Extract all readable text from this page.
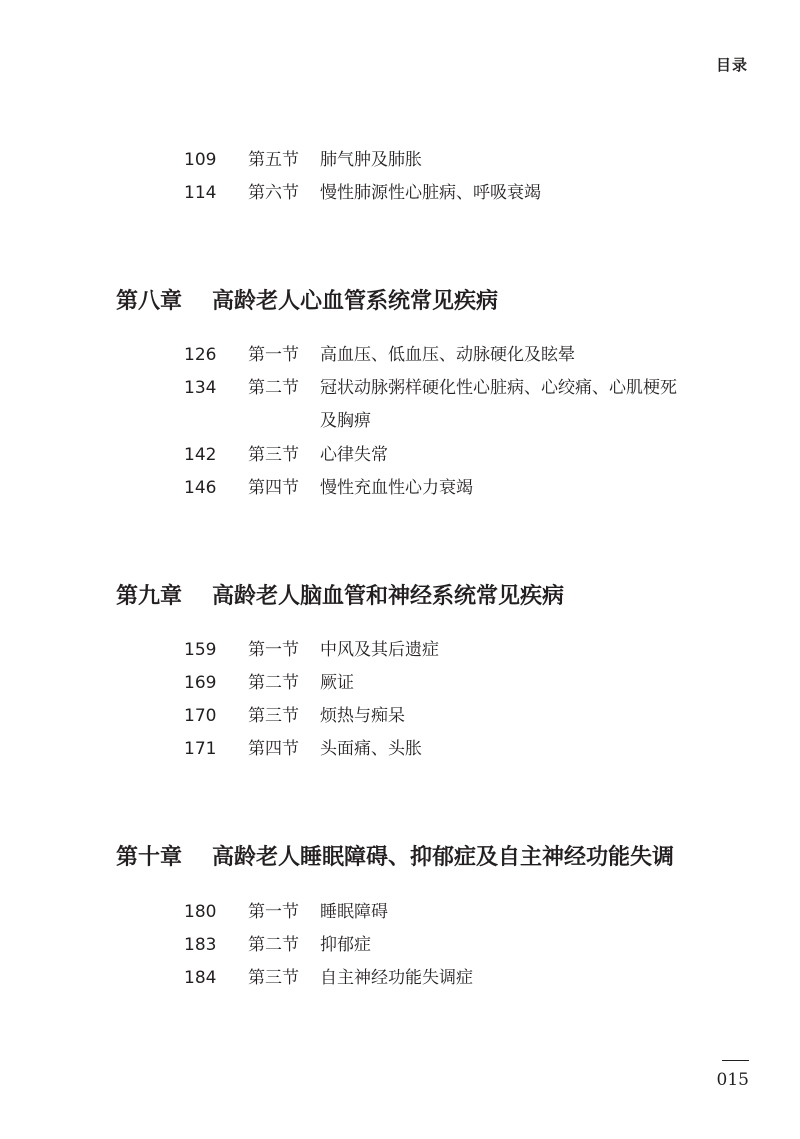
目录
109 第五节 肺气肿及肺胀
114 第六节 慢性肺源性心脏病、呼吸衰竭
第八章 高龄老人心血管系统常见疾病
126 第一节 高血压、低血压、动脉硬化及眩晕
134 第二节 冠状动脉粥样硬化性心脏病、心绞痛、心肌梗死
及胸痹
142 第三节 心律失常
146 第四节 慢性充血性心力衰竭
第九章 高龄老人脑血管和神经系统常见疾病
159 第一节 中风及其后遗症
169 第二节 厥证
170 第三节 烦热与痴呆
171 第四节 头面痛、头胀
第十章 高龄老人睡眠障碍、抑郁症及自主神经功能失调
180 第一节 睡眠障碍
183 第二节 抑郁症
184 第三节 自主神经功能失调症
015
